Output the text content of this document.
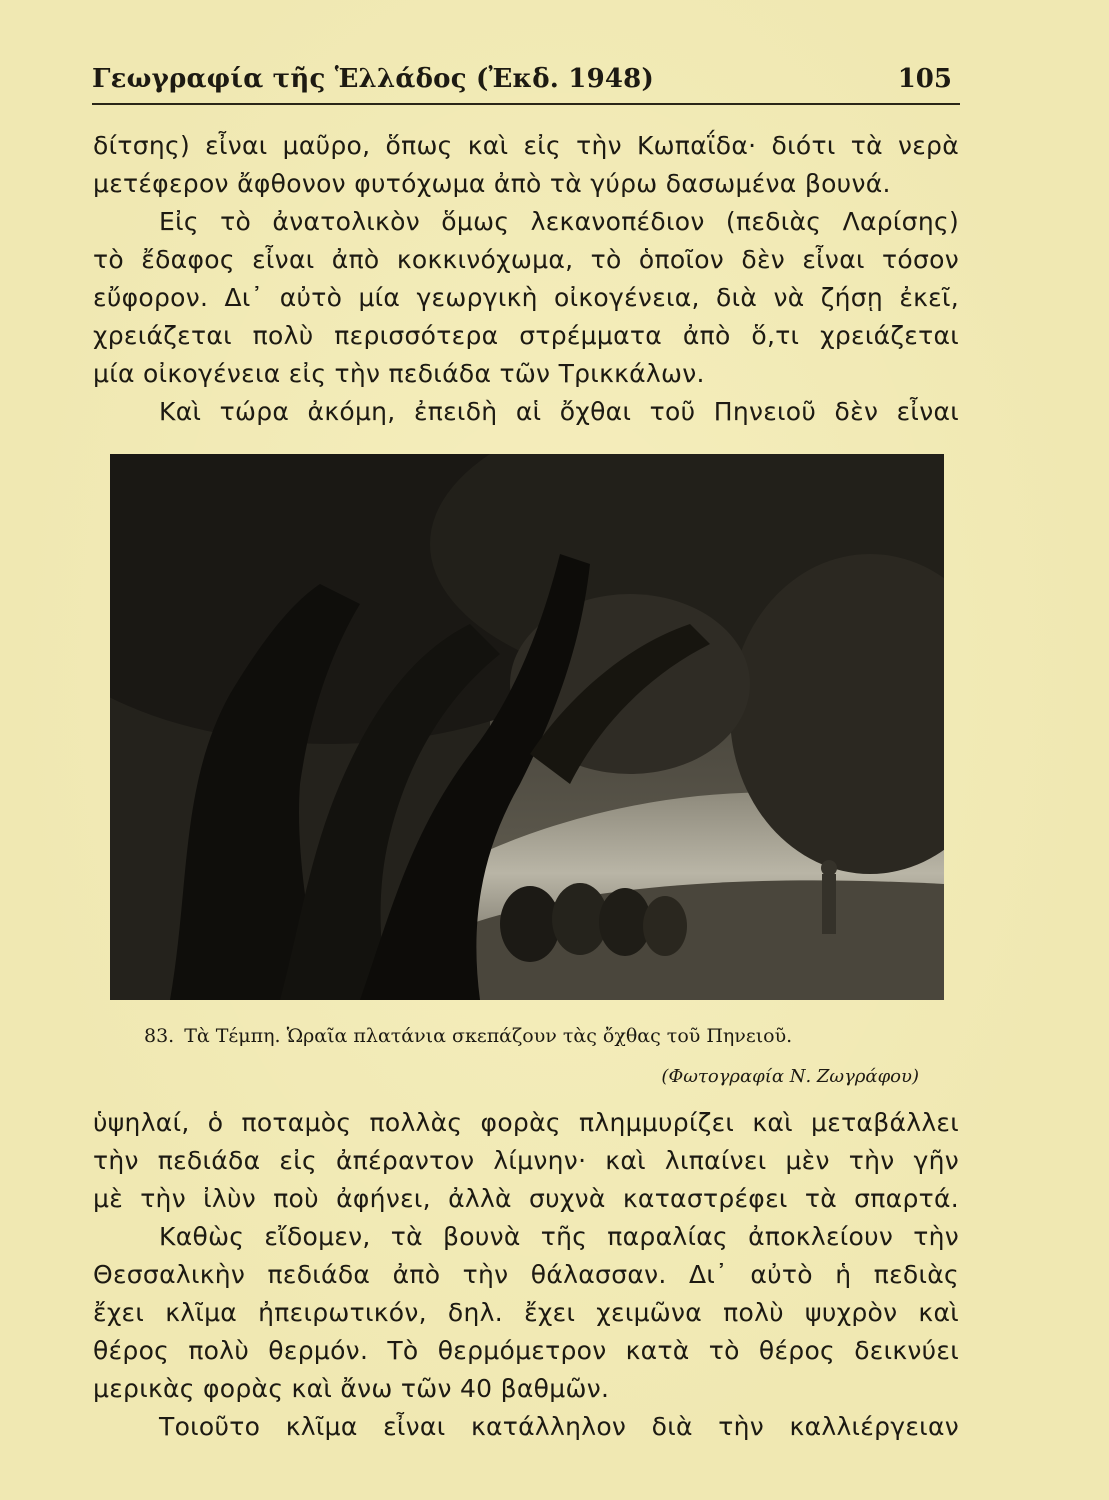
Γεωγραφία τῆς Ἑλλάδος (Ἐκδ. 1948)	105
δίτσης) εἶναι μαῦρο, ὅπως καὶ εἰς τὴν Κωπαΐδα· διότι τὰ νερὰ
μετέφερον ἄφθονον φυτόχωμα ἀπὸ τὰ γύρω δασωμένα βουνά.
Εἰς τὸ ἀνατολικὸν ὅμως λεκανοπέδιον (πεδιὰς Λαρίσης)
τὸ ἔδαφος εἶναι ἀπὸ κοκκινόχωμα, τὸ ὁποῖον δὲν εἶναι τόσον
εὔφορον. Δι᾿ αὐτὸ μία γεωργικὴ οἰκογένεια, διὰ νὰ ζήσῃ ἐκεῖ,
χρειάζεται πολὺ περισσότερα στρέμματα ἀπὸ ὅ,τι χρειάζεται
μία οἰκογένεια εἰς τὴν πεδιάδα τῶν Τρικκάλων.
Καὶ τώρα ἀκόμη, ἐπειδὴ αἱ ὄχθαι τοῦ Πηνειοῦ δὲν εἶναι
83. Τὰ Τέμπη. Ὡραῖα πλατάνια σκεπάζουν τὰς ὄχθας τοῦ Πηνειοῦ.
(Φωτογραφία Ν. Ζωγράφου)
ὑψηλαί, ὁ ποταμὸς πολλὰς φορὰς πλημμυρίζει καὶ μεταβάλλει
τὴν πεδιάδα εἰς ἀπέραντον λίμνην· καὶ λιπαίνει μὲν τὴν γῆν
μὲ τὴν ἰλὺν ποὺ ἀφήνει, ἀλλὰ συχνὰ καταστρέφει τὰ σπαρτά.
Καθὼς εἴδομεν, τὰ βουνὰ τῆς παραλίας ἀποκλείουν τὴν
Θεσσαλικὴν πεδιάδα ἀπὸ τὴν θάλασσαν. Δι᾿ αὐτὸ ἡ πεδιὰς
ἔχει κλῖμα ἠπειρωτικόν, δηλ. ἔχει χειμῶνα πολὺ ψυχρὸν καὶ
θέρος πολὺ θερμόν. Τὸ θερμόμετρον κατὰ τὸ θέρος δεικνύει
μερικὰς φορὰς καὶ ἄνω τῶν 40 βαθμῶν.
Τοιοῦτο κλῖμα εἶναι κατάλληλον διὰ τὴν καλλιέργειαν
